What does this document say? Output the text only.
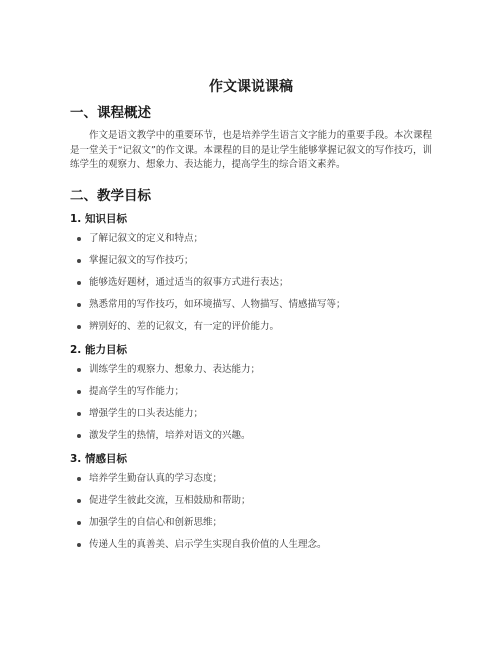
作文课说课稿
一、课程概述

作文是语文教学中的重要环节，也是培养学生语言文字能力的重要手段。本次课程是一堂关于“记叙文”的作文课。本课程的目的是让学生能够掌握记叙文的写作技巧，训练学生的观察力、想象力、表达能力，提高学生的综合语文素养。

二、教学目标
1. 知识目标
了解记叙文的定义和特点；
掌握记叙文的写作技巧；
能够选好题材，通过适当的叙事方式进行表达；
熟悉常用的写作技巧，如环境描写、人物描写、情感描写等；
辨别好的、差的记叙文，有一定的评价能力。
2. 能力目标
训练学生的观察力、想象力、表达能力；
提高学生的写作能力；
增强学生的口头表达能力；
激发学生的热情，培养对语文的兴趣。
3. 情感目标
培养学生勤奋认真的学习态度；
促进学生彼此交流，互相鼓励和帮助；
加强学生的自信心和创新思维；
传递人生的真善美、启示学生实现自我价值的人生理念。
